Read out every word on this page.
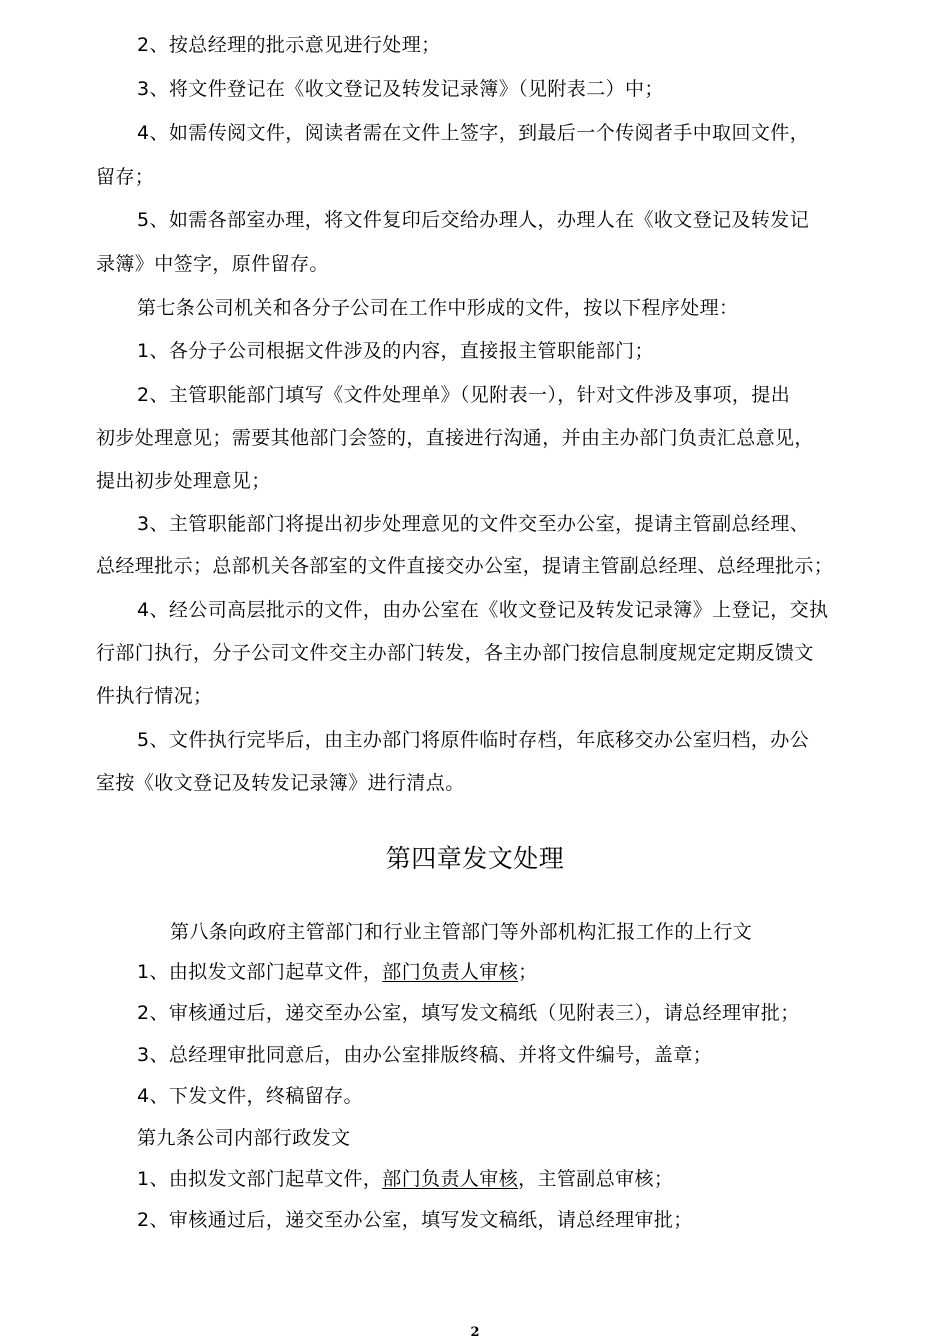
2、按总经理的批示意见进行处理；
3、将文件登记在《收文登记及转发记录簿》（见附表二）中；
4、如需传阅文件，阅读者需在文件上签字，到最后一个传阅者手中取回文件，
留存；
5、如需各部室办理，将文件复印后交给办理人，办理人在《收文登记及转发记
录簿》中签字，原件留存。
第七条公司机关和各分子公司在工作中形成的文件，按以下程序处理：
1、各分子公司根据文件涉及的内容，直接报主管职能部门；
2、主管职能部门填写《文件处理单》（见附表一），针对文件涉及事项，提出
初步处理意见；需要其他部门会签的，直接进行沟通，并由主办部门负责汇总意见，
提出初步处理意见；
3、主管职能部门将提出初步处理意见的文件交至办公室，提请主管副总经理、
总经理批示；总部机关各部室的文件直接交办公室，提请主管副总经理、总经理批示；
4、经公司高层批示的文件，由办公室在《收文登记及转发记录簿》上登记，交执
行部门执行，分子公司文件交主办部门转发，各主办部门按信息制度规定定期反馈文
件执行情况；
5、文件执行完毕后，由主办部门将原件临时存档，年底移交办公室归档，办公
室按《收文登记及转发记录簿》进行清点。
第四章发文处理
第八条向政府主管部门和行业主管部门等外部机构汇报工作的上行文
1、由拟发文部门起草文件，部门负责人审核；
2、审核通过后，递交至办公室，填写发文稿纸（见附表三），请总经理审批；
3、总经理审批同意后，由办公室排版终稿、并将文件编号，盖章；
4、下发文件，终稿留存。
第九条公司内部行政发文
1、由拟发文部门起草文件，部门负责人审核，主管副总审核；
2、审核通过后，递交至办公室，填写发文稿纸，请总经理审批；
2
